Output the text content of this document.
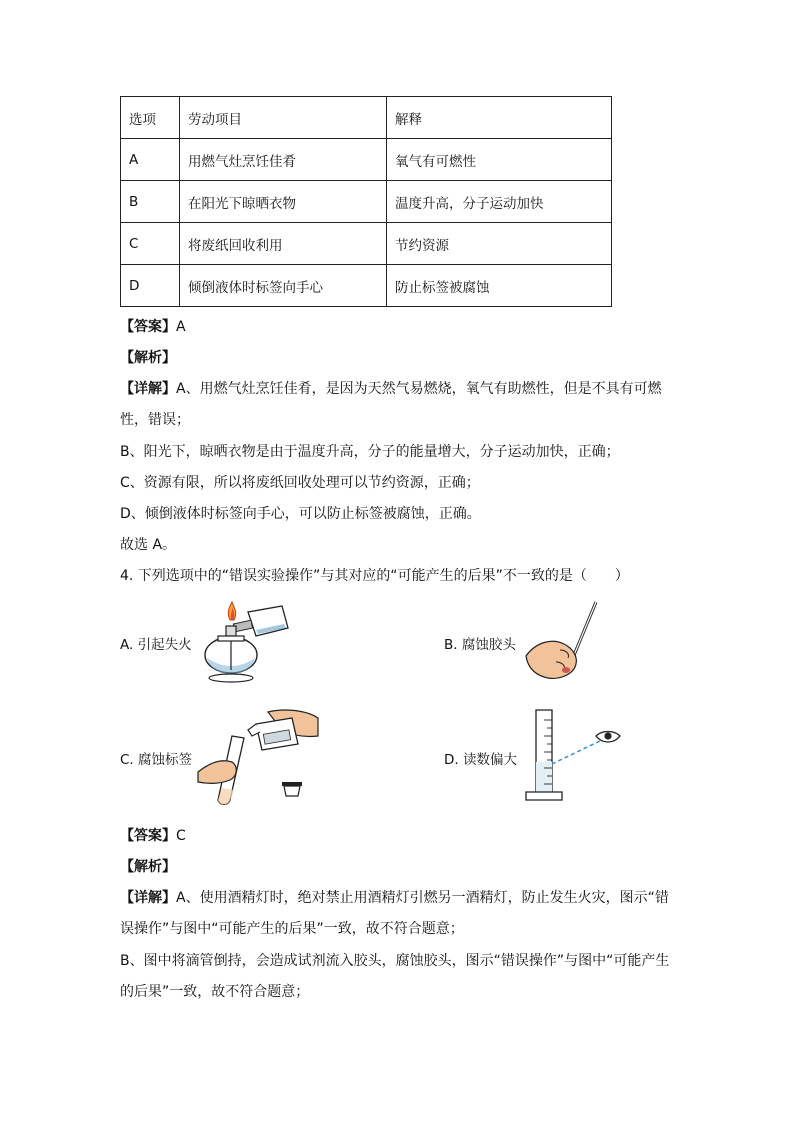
选项	劳动项目	解释
A	用燃气灶烹饪佳肴	氧气有可燃性
B	在阳光下晾晒衣物	温度升高，分子运动加快
C	将废纸回收利用	节约资源
D	倾倒液体时标签向手心	防止标签被腐蚀
【答案】A
【解析】
【详解】A、用燃气灶烹饪佳肴，是因为天然气易燃烧，氧气有助燃性，但是不具有可燃
性，错误；
B、阳光下，晾晒衣物是由于温度升高，分子的能量增大，分子运动加快，正确；
C、资源有限，所以将废纸回收处理可以节约资源，正确；
D、倾倒液体时标签向手心，可以防止标签被腐蚀，正确。
故选 A。
4. 下列选项中的“错误实验操作”与其对应的“可能产生的后果”不一致的是（　　）
A. 引起失火	B. 腐蚀胶头
C. 腐蚀标签	D. 读数偏大
【答案】C
【解析】
【详解】A、使用酒精灯时，绝对禁止用酒精灯引燃另一酒精灯，防止发生火灾，图示“错
误操作”与图中“可能产生的后果”一致，故不符合题意；
B、图中将滴管倒持，会造成试剂流入胶头，腐蚀胶头，图示“错误操作”与图中“可能产生
的后果”一致，故不符合题意；
